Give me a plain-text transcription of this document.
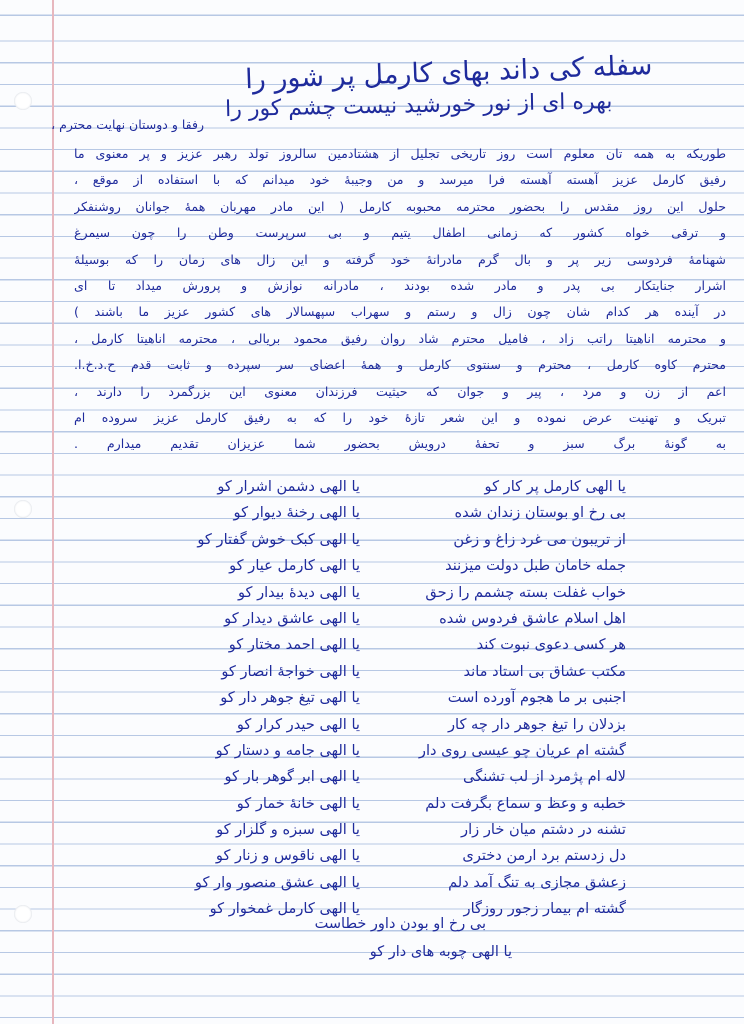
سفله کی داند بهای کارمل پر شور را
بهره ای از نور خورشید نیست چشم کور را
رفقا و دوستان نهایت محترم ،
طوریکه به همه تان معلوم است روز تاریخی تجلیل از هشتادمین سالروز تولد رهبر عزیز و پر معنوی ما
رفیق کارمل عزیز آهسته آهسته فرا میرسد و من وجیبهٔ خود میدانم که با استفاده از موقع ،
حلول این روز مقدس را بحضور محترمه محبوبه کارمل ( این مادر مهربان همهٔ جوانان روشنفکر
و ترقی خواه کشور که زمانی اطفال یتیم و بی سرپرست وطن را چون سیمرغ
شهنامهٔ فردوسی زیر پر و بال گرم مادرانهٔ خود گرفته و این زال های زمان را که بوسیلهٔ
اشرار جنایتکار بی پدر و مادر شده بودند ، مادرانه نوازش و پرورش میداد تا ای
در آینده هر کدام شان چون زال و رستم و سهراب سپهسالار های کشور عزیز ما باشند )
و محترمه اناهیتا راتب زاد ، فامیل محترم شاد روان رفیق محمود بریالی ، محترمه اناهیتا کارمل ،
محترم کاوه کارمل ، محترم و سنتوی کارمل و همهٔ اعضای سر سپرده و ثابت قدم ح.د.خ.ا.
اعم از زن و مرد ، پیر و جوان که حیثیت فرزندان معنوی این بزرگمرد را دارند ،
تبریک و تهنیت عرض نموده و این شعر تازهٔ خود را که به رفیق کارمل عزیز سروده ام
به گونهٔ برگ سبز و تحفهٔ درویش بحضور شما عزیزان تقدیم میدارم .
یا الهی کارمل پر کار کو
بی رخ او بوستان زندان شده
از تریبون می غرد زاغ و زغن
جمله خامان طبل دولت میزنند
خواب غفلت بسته چشمم را زحق
اهل اسلام عاشق فردوس شده
هر کسی دعوی نبوت کند
مکتب عشاق بی استاد ماند
اجنبی بر ما هجوم آورده است
بزدلان را تیغ جوهر دار چه کار
گشته ام عریان چو عیسی روی دار
لاله ام پژمرد از لب تشنگی
خطبه و وعظ و سماع بگرفت دلم
تشنه در دشتم میان خار زار
دل زدستم برد ارمن دختری
زعشق مجازی به تنگ آمد دلم
گشته ام بیمار زجور روزگار
یا الهی دشمن اشرار کو
یا الهی رخنهٔ دیوار کو
یا الهی کبک خوش گفتار کو
یا الهی کارمل عیار کو
یا الهی دیدهٔ بیدار کو
یا الهی عاشق دیدار کو
یا الهی احمد مختار کو
یا الهی خواجهٔ انصار کو
یا الهی تیغ جوهر دار کو
یا الهی حیدر کرار کو
یا الهی جامه و دستار کو
یا الهی ابر گوهر بار کو
یا الهی خانهٔ خمار کو
یا الهی سبزه و گلزار کو
یا الهی ناقوس و زنار کو
یا الهی عشق منصور وار کو
یا الهی کارمل غمخوار کو
بی رخ او بودن داور خطاست
یا الهی چوبه های دار کو
